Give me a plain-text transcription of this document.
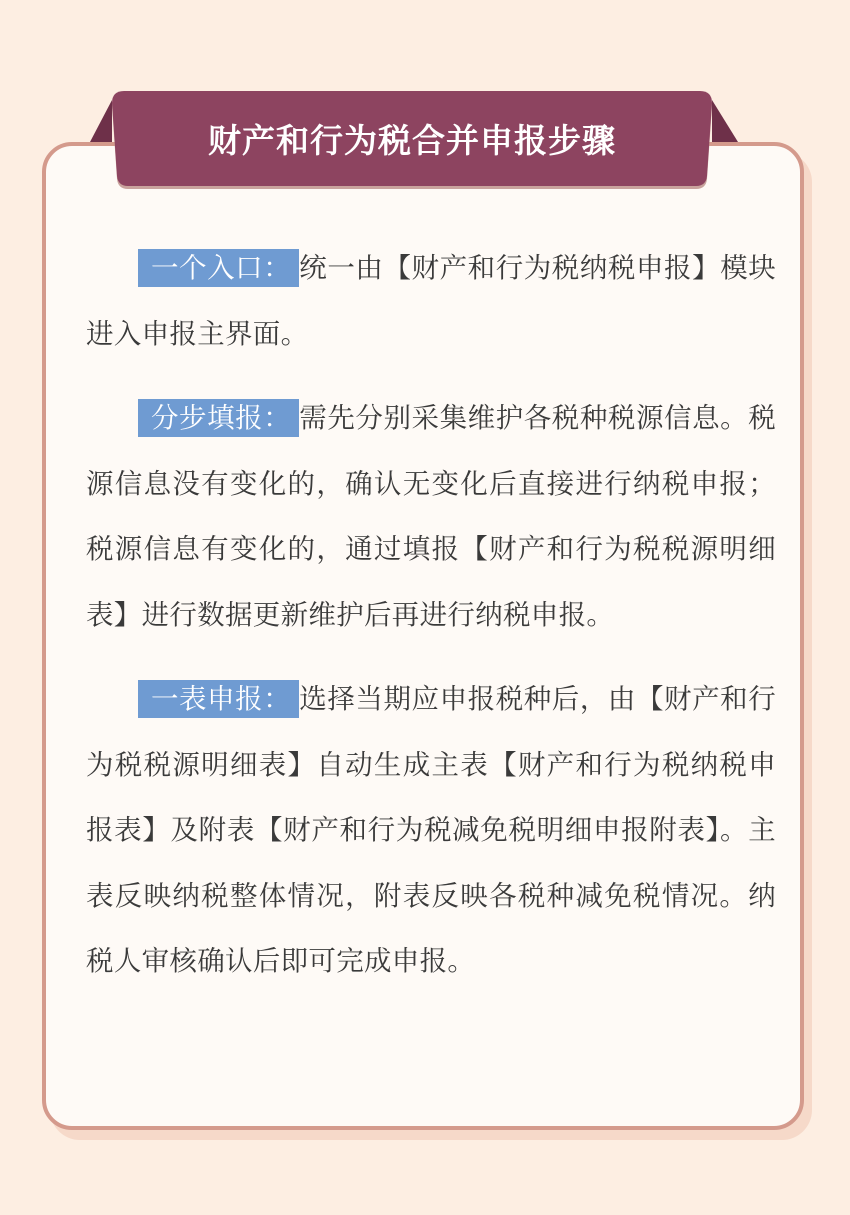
财产和行为税合并申报步骤

一个入口： 统一由【财产和行为税纳税申报】模块进入申报主界面。

分步填报： 需先分别采集维护各税种税源信息。税源信息没有变化的，确认无变化后直接进行纳税申报；税源信息有变化的，通过填报【财产和行为税税源明细表】进行数据更新维护后再进行纳税申报。

一表申报： 选择当期应申报税种后，由【财产和行为税税源明细表】自动生成主表【财产和行为税纳税申报表】及附表【财产和行为税减免税明细申报附表】。主表反映纳税整体情况，附表反映各税种减免税情况。纳税人审核确认后即可完成申报。
